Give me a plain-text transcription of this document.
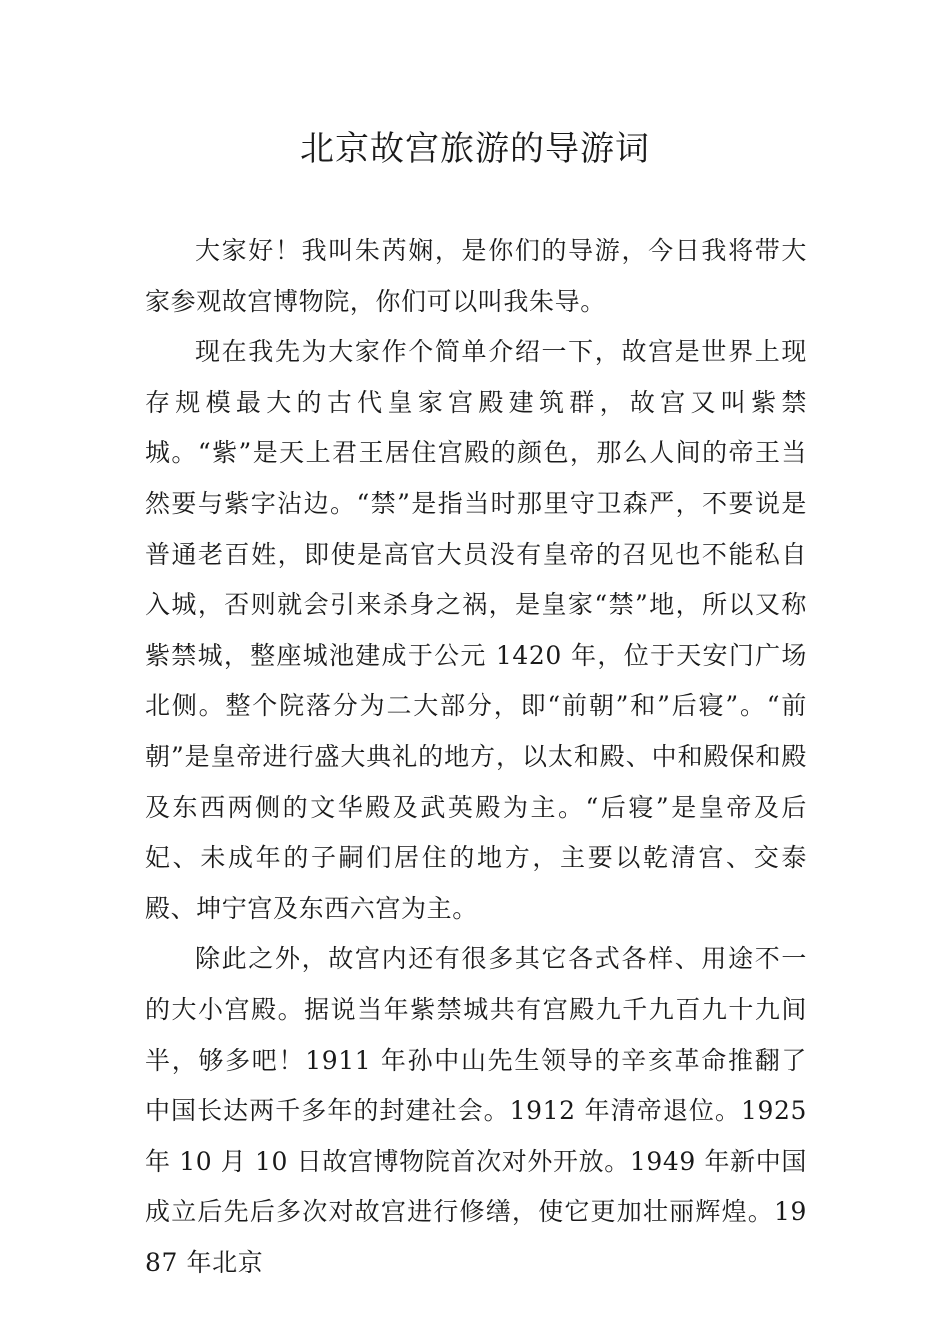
北京故宫旅游的导游词

大家好！我叫朱芮娴，是你们的导游，今日我将带大家参观故宫博物院，你们可以叫我朱导。

现在我先为大家作个简单介绍一下，故宫是世界上现存规模最大的古代皇家宫殿建筑群，故宫又叫紫禁城。“紫”是天上君王居住宫殿的颜色，那么人间的帝王当然要与紫字沾边。“禁”是指当时那里守卫森严，不要说是普通老百姓，即使是高官大员没有皇帝的召见也不能私自入城，否则就会引来杀身之祸，是皇家“禁”地，所以又称紫禁城，整座城池建成于公元 1420 年，位于天安门广场北侧。整个院落分为二大部分，即“前朝”和”后寝”。“前朝”是皇帝进行盛大典礼的地方，以太和殿、中和殿保和殿及东西两侧的文华殿及武英殿为主。“后寝”是皇帝及后妃、未成年的子嗣们居住的地方，主要以乾清宫、交泰殿、坤宁宫及东西六宫为主。

除此之外，故宫内还有很多其它各式各样、用途不一的大小宫殿。据说当年紫禁城共有宫殿九千九百九十九间半，够多吧！1911 年孙中山先生领导的辛亥革命推翻了中国长达两千多年的封建社会。1912 年清帝退位。1925 年 10 月 10 日故宫博物院首次对外开放。1949 年新中国成立后先后多次对故宫进行修缮，使它更加壮丽辉煌。1987 年北京
